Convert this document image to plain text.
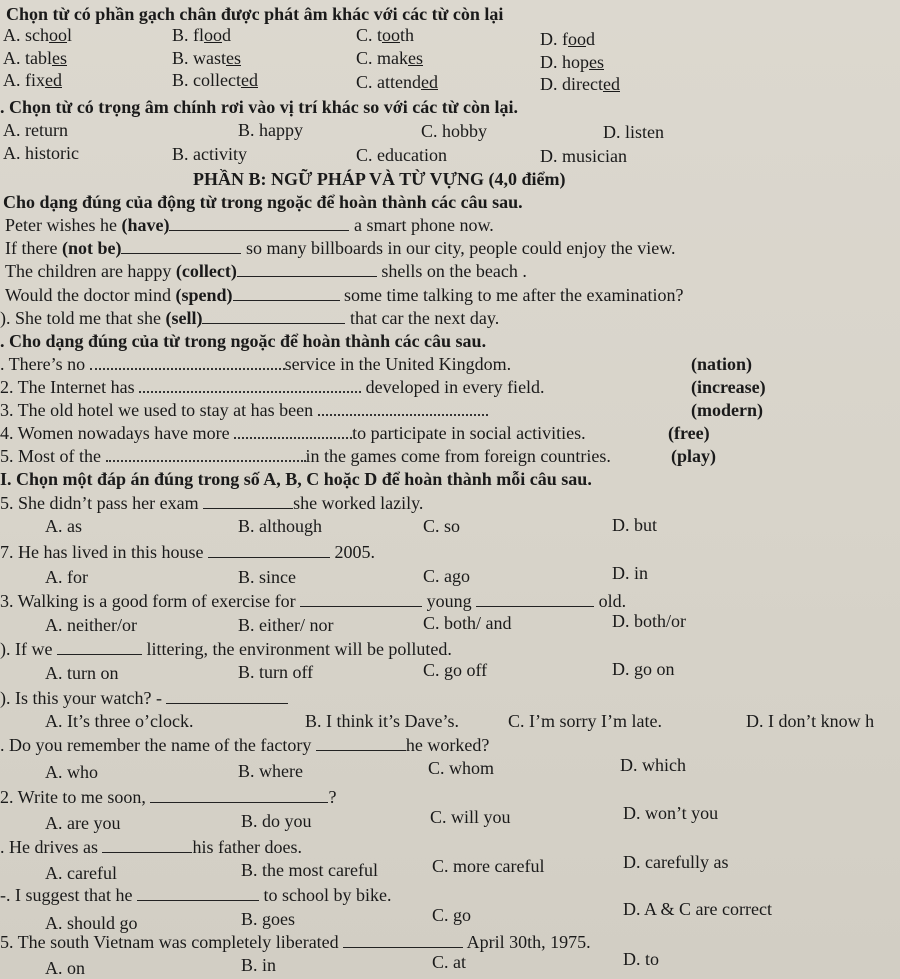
Chọn từ có phần gạch chân được phát âm khác với các từ còn lại
A. school	B. flood	C. tooth	D. food
A. tables	B. wastes	C. makes	D. hopes
A. fixed	B. collected	C. attended	D. directed
. Chọn từ có trọng âm chính rơi vào vị trí khác so với các từ còn lại.
A. return	B. happy	C. hobby	D. listen
A. historic	B. activity	C. education	D. musician
PHẦN B: NGỮ PHÁP VÀ TỪ VỰNG (4,0 điểm)
Cho dạng đúng của động từ trong ngoặc để hoàn thành các câu sau.
Peter wishes he (have)	a smart phone now.
If there (not be)	so many billboards in our city, people could enjoy the view.
The children are happy (collect)	shells on the beach .
Would the doctor mind (spend)	some time talking to me after the examination?
). She told me that she (sell)	that car the next day.
. Cho dạng đúng của từ trong ngoặc để hoàn thành các câu sau.
. There’s no	service in the United Kingdom.	(nation)
2. The Internet has	developed in every field.	(increase)
3. The old hotel we used to stay at has been	(modern)
4. Women nowadays have more	to participate in social activities.	(free)
5. Most of the	in the games come from foreign countries.	(play)
I. Chọn một đáp án đúng trong số A, B, C hoặc D để hoàn thành mỗi câu sau.
5. She didn’t pass her exam	she worked lazily.
A. as	B. although	C. so	D. but
7. He has lived in this house	2005.
A. for	B. since	C. ago	D. in
3. Walking is a good form of exercise for	young	old.
A. neither/or	B. either/ nor	C. both/ and	D. both/or
). If we	littering, the environment will be polluted.
A. turn on	B. turn off	C. go off	D. go on
). Is this your watch? -
A. It’s three o’clock.	B. I think it’s Dave’s.	C. I’m sorry I’m late.	D. I don’t know h
. Do you remember the name of the factory	he worked?
A. who	B. where	C. whom	D. which
2. Write to me soon,	?
A. are you	B. do you	C. will you	D. won’t you
. He drives as	his father does.
A. careful	B. the most careful	C. more careful	D. carefully as
-. I suggest that he	to school by bike.
A. should go	B. goes	C. go	D. A & C are correct
5. The south Vietnam was completely liberated	April 30th, 1975.
A. on	B. in	C. at	D. to
